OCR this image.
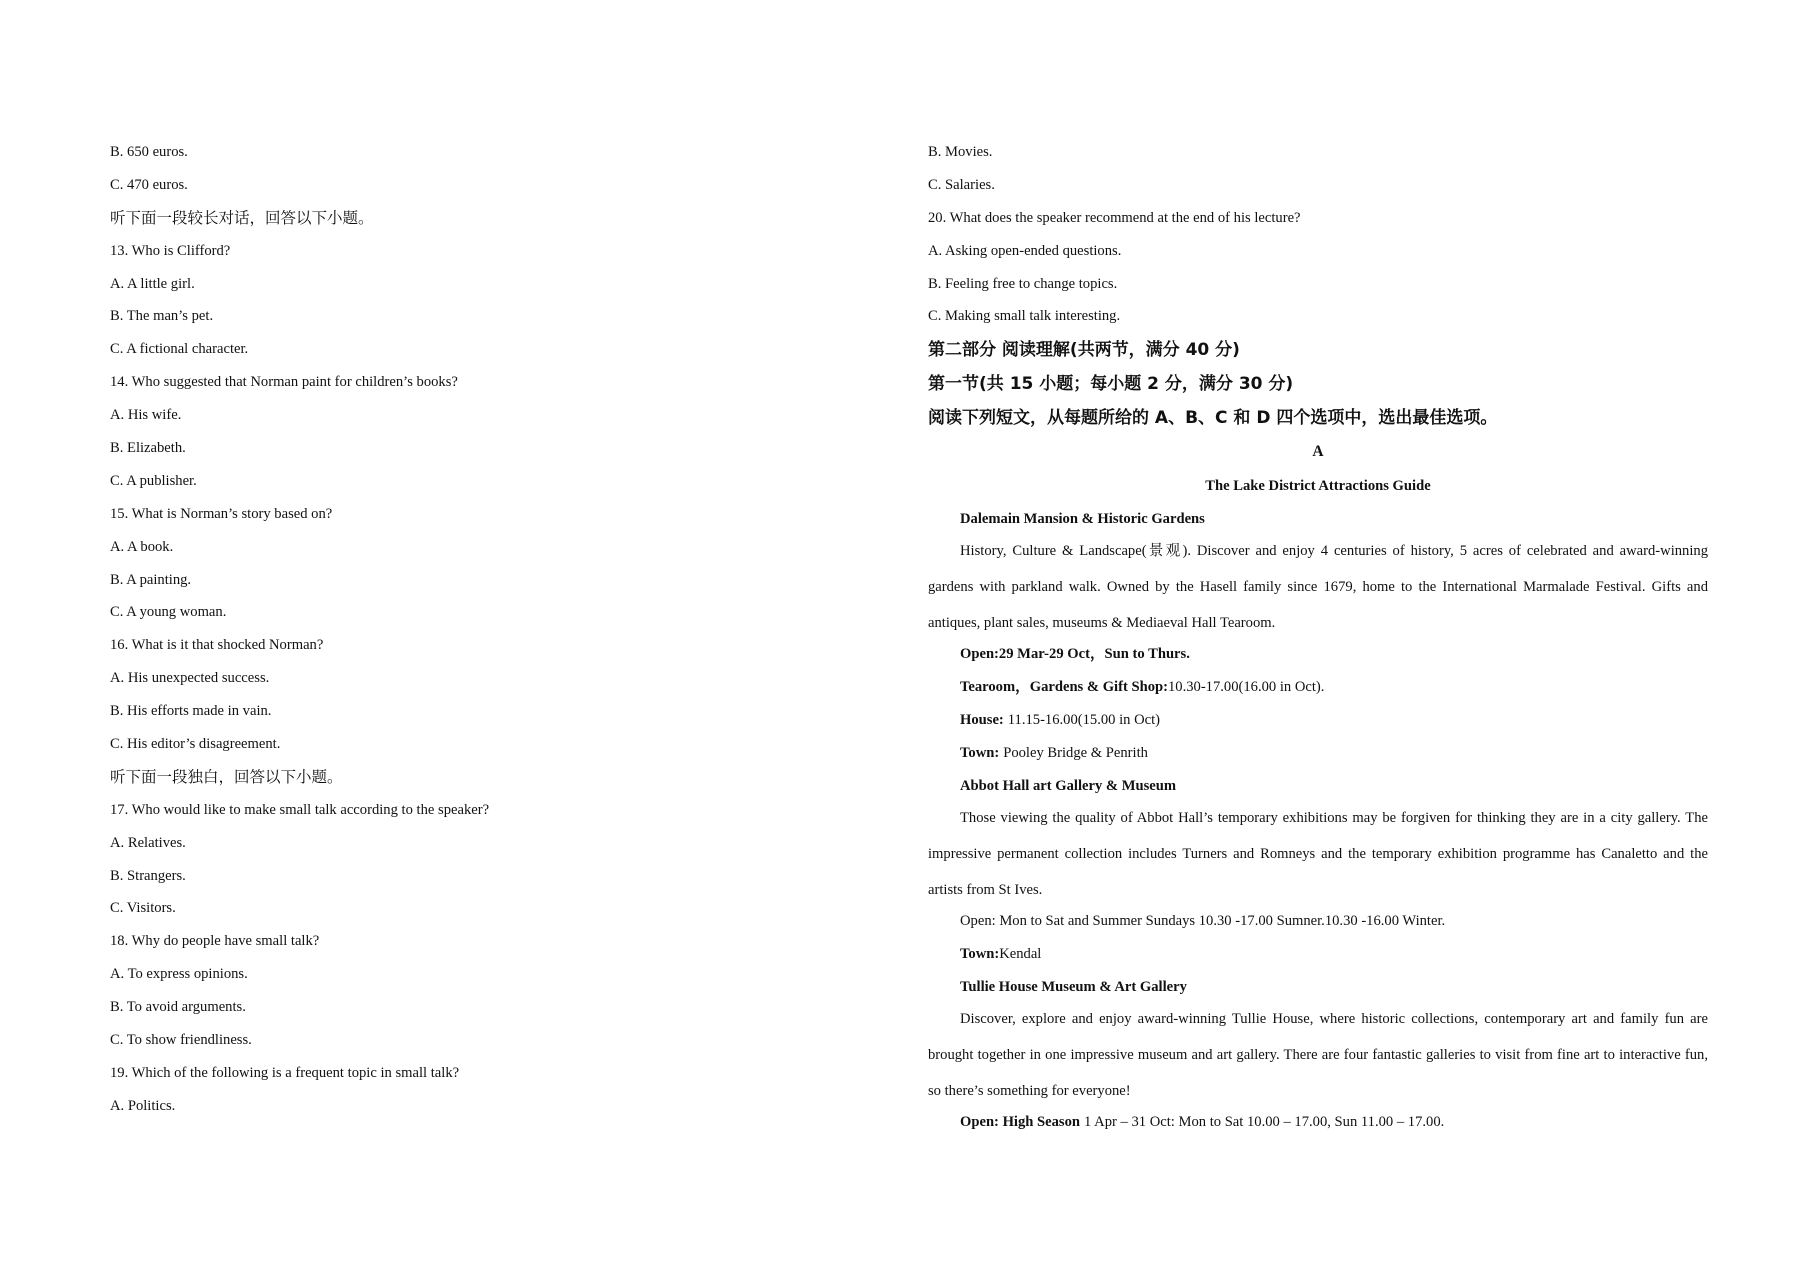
B. 650 euros.
C. 470 euros.
听下面一段较长对话，回答以下小题。
13. Who is Clifford?
A. A little girl.
B. The man’s pet.
C. A fictional character.
14. Who suggested that Norman paint for children’s books?
A. His wife.
B. Elizabeth.
C. A publisher.
15. What is Norman’s story based on?
A. A book.
B. A painting.
C. A young woman.
16. What is it that shocked Norman?
A. His unexpected success.
B. His efforts made in vain.
C. His editor’s disagreement.
听下面一段独白，回答以下小题。
17. Who would like to make small talk according to the speaker?
A. Relatives.
B. Strangers.
C. Visitors.
18. Why do people have small talk?
A. To express opinions.
B. To avoid arguments.
C. To show friendliness.
19. Which of the following is a frequent topic in small talk?
A. Politics.
B. Movies.
C. Salaries.
20. What does the speaker recommend at the end of his lecture?
A. Asking open-ended questions.
B. Feeling free to change topics.
C. Making small talk interesting.
第二部分 阅读理解(共两节，满分 40 分)
第一节(共 15 小题；每小题 2 分，满分 30 分)
阅读下列短文，从每题所给的 A、B、C 和 D 四个选项中，选出最佳选项。
A
The Lake District Attractions Guide
Dalemain Mansion & Historic Gardens
History, Culture & Landscape(景观). Discover and enjoy 4 centuries of history, 5 acres of celebrated and award-winning gardens with parkland walk. Owned by the Hasell family since 1679, home to the International Marmalade Festival. Gifts and antiques, plant sales, museums & Mediaeval Hall Tearoom.
Open:29 Mar-29 Oct，Sun to Thurs.
Tearoom，Gardens & Gift Shop:10.30-17.00(16.00 in Oct).
House: 11.15-16.00(15.00 in Oct)
Town: Pooley Bridge & Penrith
Abbot Hall art Gallery & Museum
Those viewing the quality of Abbot Hall’s temporary exhibitions may be forgiven for thinking they are in a city gallery. The impressive permanent collection includes Turners and Romneys and the temporary exhibition programme has Canaletto and the artists from St Ives.
Open: Mon to Sat and Summer Sundays 10.30 -17.00 Sumner.10.30 -16.00 Winter.
Town:Kendal
Tullie House Museum & Art Gallery
Discover, explore and enjoy award-winning Tullie House, where historic collections, contemporary art and family fun are brought together in one impressive museum and art gallery. There are four fantastic galleries to visit from fine art to interactive fun, so there’s something for everyone!
Open: High Season 1 Apr – 31 Oct: Mon to Sat 10.00 – 17.00, Sun 11.00 – 17.00.
